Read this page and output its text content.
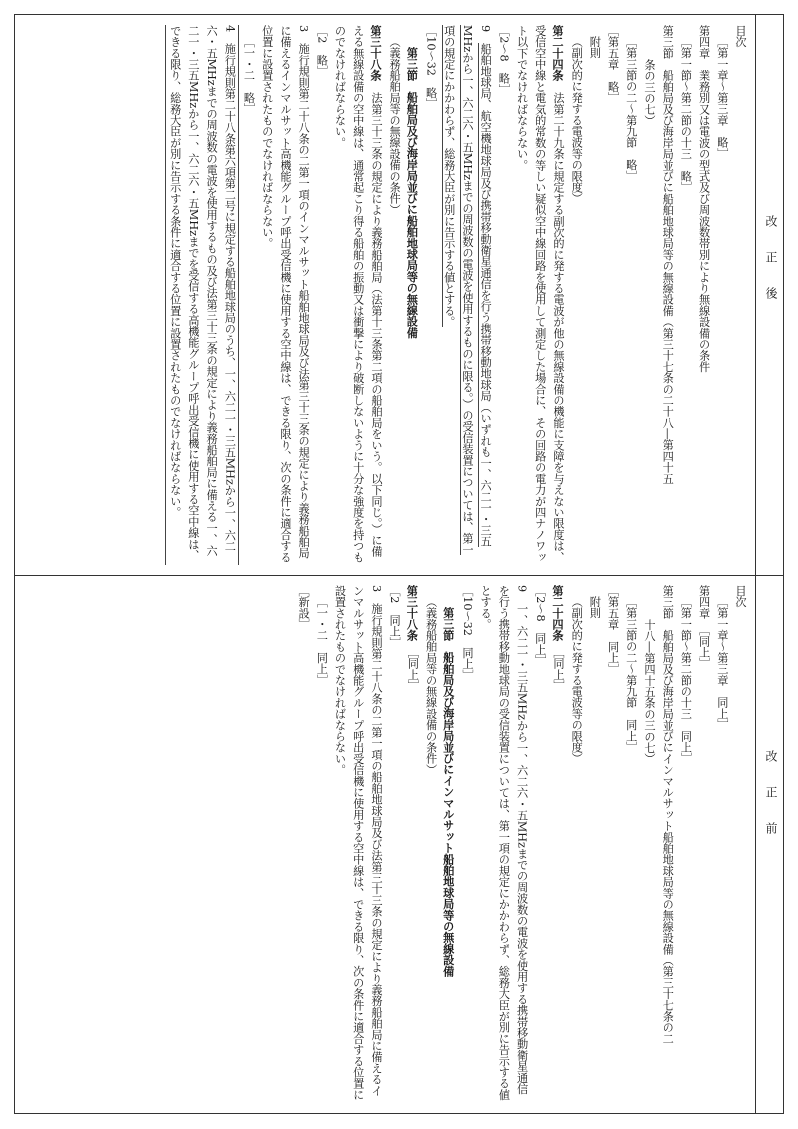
改　　正　　後
改　　正　　前
目次
［第一章～第三章　略］
第四章　業務別又は電波の型式及び周波数帯別により無線設備の条件
［第一節～第二節の十三　略］
第三節　船舶局及び海岸局並びに船舶地球局等の無線設備（第三十七条の二十八―第四十五
条の三の七）
［第三節の二～第九節　略］
［第五章　略］
附則
（副次的に発する電波等の限度）
第二十四条　法第二十九条に規定する副次的に発する電波が他の無線設備の機能に支障を与えない限度は、受信空中線と電気的常数の等しい疑似空中線回路を使用して測定した場合に、その回路の電力が四ナノワット以下でなければならない。
［2～8　略］
9　船舶地球局、航空機地球局及び携帯移動衛星通信を行う携帯移動地球局（いずれも一、六二一・三五MHzから一、六二六・五MHzまでの周波数の電波を使用するものに限る。）の受信装置については、第一項の規定にかかわらず、総務大臣が別に告示する値とする。
［10～32　略］
第三節　船舶局及び海岸局並びに船舶地球局等の無線設備
（義務船舶局等の無線設備の条件）
第三十八条　法第三十三条の規定により義務船舶局（法第十三条第二項の船舶局をいう。以下同じ。）に備える無線設備の空中線は、通常起こり得る船舶の振動又は衝撃により破断しないように十分な強度を持つものでなければならない。
［2　略］
3　施行規則第二十八条の二第一項のインマルサット船舶地球局及び法第三十三条の規定により義務船舶局に備えるインマルサット高機能グループ呼出受信機に使用する空中線は、できる限り、次の条件に適合する位置に設置されたものでなければならない。
［一・二　略］
4　施行規則第二十八条第六項第二号に規定する船舶地球局のうち、一、六二一・三五MHzから一、六二六・五MHzまでの周波数の電波を使用するもの及び法第三十三条の規定により義務船舶局に備える一、六二一・三五MHzから一、六二六・五MHzまでを受信する高機能グループ呼出受信機に使用する空中線は、できる限り、総務大臣が別に告示する条件に適合する位置に設置されたものでなければならない。
目次
［第一章～第三章　同上］
第四章　［同上］
［第一節～第二節の十三　同上］
第三節　船舶局及び海岸局並びにインマルサット船舶地球局等の無線設備（第三十七条の二
十八―第四十五条の三の七）
［第三節の二～第九節　同上］
［第五章　同上］
附則
（副次的に発する電波等の限度）
第二十四条　［同上］
［2～8　同上］
9　一、六二一・三五MHzから一、六二六・五MHzまでの周波数の電波を使用する携帯移動衛星通信を行う携帯移動地球局の受信装置については、第一項の規定にかかわらず、総務大臣が別に告示する値とする。
［10～32　同上］
第三節　船舶局及び海岸局並びにインマルサット船舶地球局等の無線設備
（義務船舶局等の無線設備の条件）
第三十八条　［同上］
［2　同上］
3　施行規則第二十八条の二第一項の船舶地球局及び法第三十三条の規定により義務船舶局に備えるインマルサット高機能グループ呼出受信機に使用する空中線は、できる限り、次の条件に適合する位置に設置されたものでなければならない。
［一・二　同上］
［新設］
